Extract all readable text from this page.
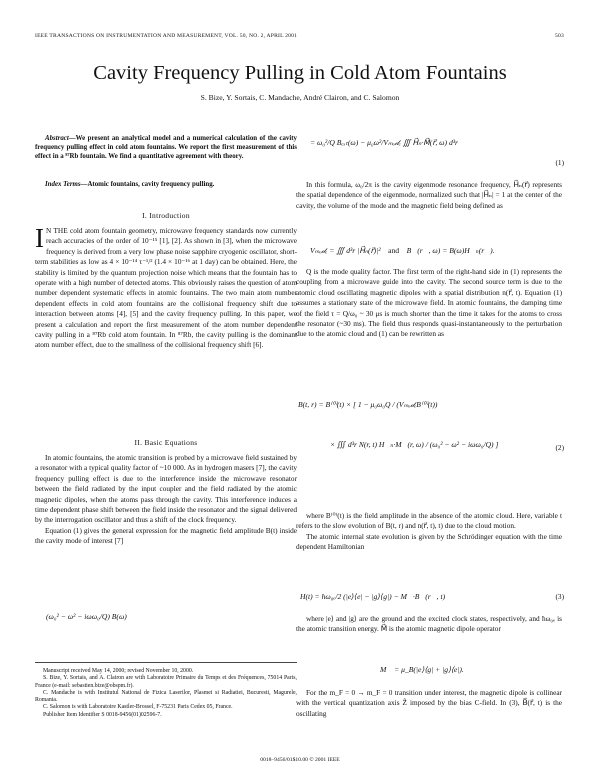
IEEE TRANSACTIONS ON INSTRUMENTATION AND MEASUREMENT, VOL. 50, NO. 2, APRIL 2001	503
Cavity Frequency Pulling in Cold Atom Fountains
S. Bize, Y. Sortais, C. Mandache, André Clairon, and C. Salomon
Abstract—We present an analytical model and a numerical calculation of the cavity frequency pulling effect in cold atom fountains. We report the first measurement of this effect in a ⁸⁷Rb fountain. We find a quantitative agreement with theory.
Index Terms—Atomic fountains, cavity frequency pulling.
I. Introduction
I N THE cold atom fountain geometry, microwave frequency standards now currently reach accuracies of the order of 10⁻¹⁵ [1], [2]. As shown in [3], when the microwave frequency is derived from a very low phase noise sapphire cryogenic oscillator, short-term stabilities as low as 4 × 10⁻¹⁴ τ⁻¹/² (1.4 × 10⁻¹⁶ at 1 day) can be obtained. Here, the stability is limited by the quantum projection noise which means that the fountain has to operate with a high number of detected atoms. This obviously raises the question of atom number dependent systematic effects in atomic fountains. The two main atom number dependent effects in cold atom fountains are the collisional frequency shift due to interaction between atoms [4], [5] and the cavity frequency pulling. In this paper, we present a calculation and report the first measurement of the atom number dependent cavity pulling in a ⁸⁷Rb cold atom fountain. In ⁸⁷Rb, the cavity pulling is the dominant atom number effect, due to the smallness of the collisional frequency shift [6].
II. Basic Equations

In atomic fountains, the atomic transition is probed by a microwave field sustained by a resonator with a typical quality factor of ~10 000. As in hydrogen masers [7], the cavity frequency pulling effect is due to the interference inside the microwave resonator between the field radiated by the input coupler and the field radiated by the atomic magnetic dipoles, when the atoms pass through the cavity. This interference induces a time dependent phase shift between the field inside the resonator and the signal delivered by the interrogation oscillator and thus a shift of the clock frequency.

Equation (1) gives the general expression for the magnetic field amplitude B(t) inside the cavity mode of interest [7]

(ω₀² − ω² − iωω₀/Q) B(ω)

Manuscript received May 14, 2000; revised November 10, 2000.

S. Bize, Y. Sortais, and A. Clairon are with Laboratoire Primaire du Temps et des Fréquences, 75014 Paris, France (e-mail: sebastien.bize@obspm.fr).

C. Mandache is with Institutul National de Fizica Laserilor, Plasmei si Radiatiei, Bucuresti, Magurele, Romania.

C. Salomon is with Laboratoire Kastler-Brossel, F-75231 Paris Cedex 05, France.

Publisher Item Identifier S 0018-9456(01)02596-7.

= ω₀²/Q Bₑₓₜ(ω) − μ₀ω²/Vₘₒ𝒹ₑ ∭ H⃗ₙ·M⃗(r⃗, ω) d³r
(1)

In this formula, ω₀/2π is the cavity eigenmode resonance frequency, H⃗ₙ(r⃗) represents the spatial dependence of the eigenmode, normalized such that |H⃗ₙ| = 1 at the center of the cavity, the volume of the mode and the magnetic field being defined as

Vₘₒ𝒹ₑ = ∭ d³r |H⃗ₙ(r⃗)|² and B⃗(r⃗, ω) = B(ω)H⃗ₙ(r⃗).

Q is the mode quality factor. The first term of the right-hand side in (1) represents the coupling from a microwave guide into the cavity. The second source term is due to the atomic cloud oscillating magnetic dipoles with a spatial distribution n(r⃗, t). Equation (1) assumes a stationary state of the microwave field. In atomic fountains, the damping time of the field τ = Q/ω₀ ~ 30 μs is much shorter than the time it takes for the atoms to cross the resonator (~30 ms). The field thus responds quasi-instantaneously to the perturbation due to the atomic cloud and (1) can be rewritten as

B(t, r) = B⁽⁰⁾(t) × [ 1 − μ₀ω₀Q / (Vₘₒ𝒹ₑB⁽⁰⁾(t))
× ∭ d³r N(r, t) H⃗ₙ·M⃗(r, ω) / (ω₀² − ω² − iωω₀/Q) ]	(2)

where B⁽⁰⁾(t) is the field amplitude in the absence of the atomic cloud. Here, variable t refers to the slow evolution of B(t, r) and n(r⃗, t), t) due to the cloud motion.

The atomic internal state evolution is given by the Schrödinger equation with the time dependent Hamiltonian

H(t) = ħω₀ₑ/2 (|e⟩⟨e| − |g⟩⟨g|) − M⃗·B⃗(r⃗, t)	(3)

where |e⟩ and |g⟩ are the ground and the excited clock states, respectively, and ħω₀ₑ is the atomic transition energy. M⃗ is the atomic magnetic dipole operator

M⃗ = μ_B(|e⟩⟨g| + |g⟩⟨e|).

For the m_F = 0 → m_F = 0 transition under interest, the magnetic dipole is collinear with the vertical quantization axis Ẑ imposed by the bias C-field. In (3), B⃗(r⃗, t) is the oscillating

0018–9456/01$10.00 © 2001 IEEE
